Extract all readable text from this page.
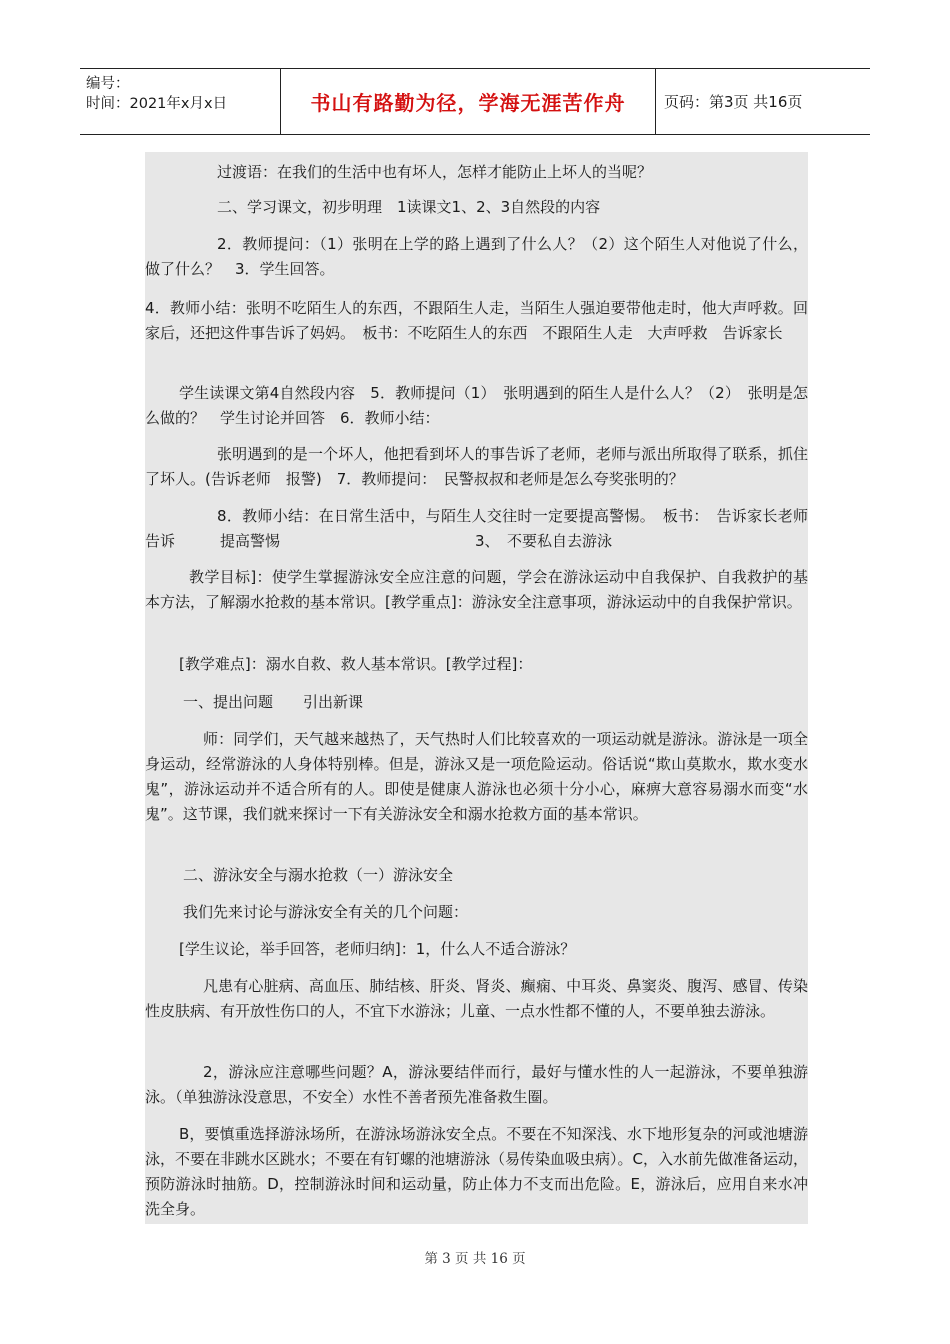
编号：
时间：2021年x月x日	书山有路勤为径，学海无涯苦作舟	页码：第3页 共16页

过渡语：在我们的生活中也有坏人，怎样才能防止上坏人的当呢？

二、学习课文，初步明理　1读课文1、2、3自然段的内容

2．教师提问：（1）张明在上学的路上遇到了什么人？（2）这个陌生人对他说了什么，做了什么？　3．学生回答。

4．教师小结：张明不吃陌生人的东西，不跟陌生人走，当陌生人强迫要带他走时，他大声呼救。回家后，还把这件事告诉了妈妈。　板书：不吃陌生人的东西　不跟陌生人走　大声呼救　告诉家长

学生读课文第4自然段内容　5．教师提问（1）　张明遇到的陌生人是什么人？（2）　张明是怎么做的？　学生讨论并回答　6．教师小结：

张明遇到的是一个坏人，他把看到坏人的事告诉了老师，老师与派出所取得了联系，抓住了坏人。(告诉老师　报警)　7．教师提问：　民警叔叔和老师是怎么夸奖张明的？

8．教师小结：在日常生活中，与陌生人交往时一定要提高警惕。　板书：　告诉家长老师告诉　　　提高警惕　　　　　　　　　　　　　3、　不要私自去游泳

教学目标]：使学生掌握游泳安全应注意的问题，学会在游泳运动中自我保护、自我救护的基本方法，了解溺水抢救的基本常识。[教学重点]：游泳安全注意事项，游泳运动中的自我保护常识。

[教学难点]：溺水自救、救人基本常识。[教学过程]：

一、提出问题　　引出新课

师：同学们，天气越来越热了，天气热时人们比较喜欢的一项运动就是游泳。游泳是一项全身运动，经常游泳的人身体特别棒。但是，游泳又是一项危险运动。俗话说“欺山莫欺水，欺水变水鬼”，游泳运动并不适合所有的人。即使是健康人游泳也必须十分小心，麻痹大意容易溺水而变“水鬼”。这节课，我们就来探讨一下有关游泳安全和溺水抢救方面的基本常识。

二、游泳安全与溺水抢救（一）游泳安全

我们先来讨论与游泳安全有关的几个问题：

[学生议论，举手回答，老师归纳]：1，什么人不适合游泳？

凡患有心脏病、高血压、肺结核、肝炎、肾炎、癫痫、中耳炎、鼻窦炎、腹泻、感冒、传染性皮肤病、有开放性伤口的人，不宜下水游泳；儿童、一点水性都不懂的人，不要单独去游泳。

2，游泳应注意哪些问题？A，游泳要结伴而行，最好与懂水性的人一起游泳，不要单独游泳。（单独游泳没意思，不安全）水性不善者预先准备救生圈。

B，要慎重选择游泳场所，在游泳场游泳安全点。不要在不知深浅、水下地形复杂的河或池塘游泳，不要在非跳水区跳水；不要在有钉螺的池塘游泳（易传染血吸虫病）。C，入水前先做准备运动，预防游泳时抽筋。D，控制游泳时间和运动量，防止体力不支而出危险。E，游泳后，应用自来水冲洗全身。

第 3 页 共 16 页
